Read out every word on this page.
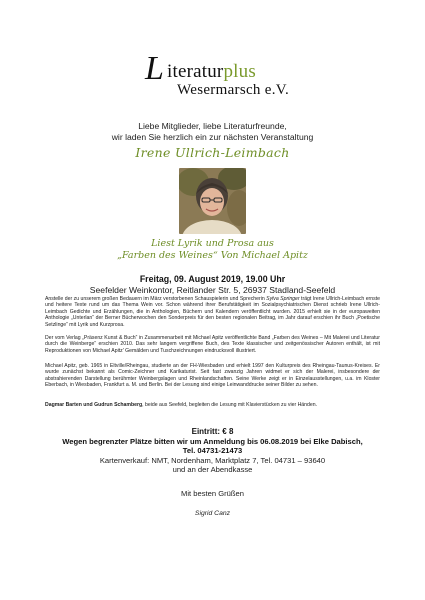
L iteraturplus
Wesermarsch e.V.
Liebe Mitglieder, liebe Literaturfreunde,
wir laden Sie herzlich ein zur nächsten Veranstaltung
Irene Ullrich-Leimbach
Liest Lyrik und Prosa aus
„Farben des Weines“ Von Michael Apitz
Freitag, 09. August 2019, 19.00 Uhr
Seefelder Weinkontor, Reitlander Str. 5, 26937 Stadland-Seefeld

Anstelle der zu unserem großen Bedauern im März verstorbenen Schauspielerin und Sprecherin Sylva Springer trägt Irene Ullrich-Leimbach ernste und heitere Texte rund um das Thema Wein vor. Schon während ihrer Berufstätigkeit im Sozialpsychiatrischen Dienst schrieb Irene Ullrich-Leimbach Gedichte und Erzählungen, die in Anthologien, Büchern und Kalendern veröffentlicht wurden. 2015 erhielt sie in der europaweiten Anthologie „Unterlan“ der Berner Bücherwochen den Sonderpreis für den besten regionalen Beitrag, im Jahr darauf erschien ihr Buch „Poetische Setzlinge“ mit Lyrik und Kurzprosa.

Der vom Verlag „Präsenz Kunst & Buch“ in Zusammenarbeit mit Michael Apitz veröffentlichte Band „Farben des Weines – Mit Malerei und Literatur durch die Weinberge“ erschien 2010. Das sehr langem vergriffene Buch, des Texte klassischer und zeitgenössischer Autoren enthält, ist mit Reproduktionen von Michael Apitz' Gemälden und Tuschzeichnungen eindrucksvoll illustriert.

Michael Apitz, geb. 1965 in Eltville/Rheingau, studierte an der FH-Wiesbaden und erhielt 1997 den Kulturpreis des Rheingau-Taunus-Kreises. Er wurde zunächst bekannt als Comic-Zeichner und Karikaturist. Seit fast zwanzig Jahren widmet er sich der Malerei, insbesondere der abstrahierenden Darstellung berühmter Weinbergslagen und Rheinlandschaften. Seine Werke zeigt er in Einzelausstellungen, u.a. im Kloster Eberbach, in Wiesbaden, Frankfurt a. M. und Berlin. Bei der Lesung sind einige Leinwanddrucke seiner Bilder zu sehen.

Dagmar Barten und Gudrun Schamberg, beide aus Seefeld, begleiten die Lesung mit Klavierstücken zu vier Händen.

Eintritt: € 8
Wegen begrenzter Plätze bitten wir um Anmeldung bis 06.08.2019 bei Elke Dabisch,
Tel. 04731-21473
Kartenverkauf: NMT, Nordenham, Marktplatz 7, Tel. 04731 – 93640
und an der Abendkasse
Mit besten Grüßen
Sigrid Canz
